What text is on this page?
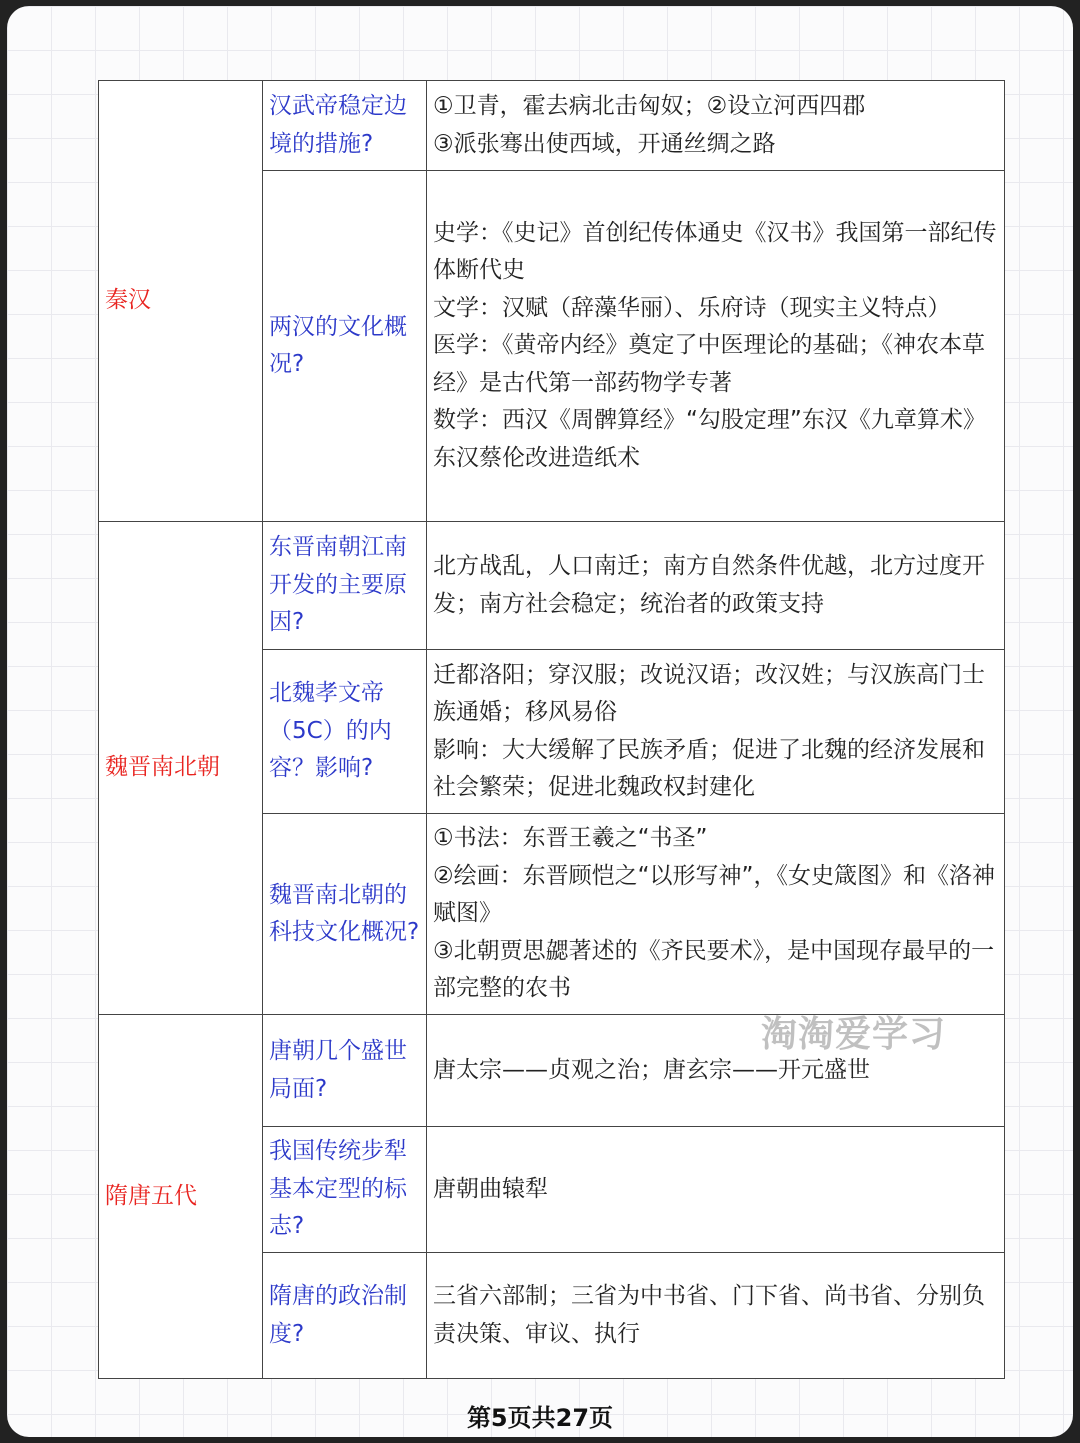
秦汉	汉武帝稳定边境的措施?	①卫青，霍去病北击匈奴；②设立河西四郡
③派张骞出使西域，开通丝绸之路

	两汉的文化概况?	史学：《史记》首创纪传体通史《汉书》我国第一部纪传体断代史
文学：汉赋（辞藻华丽）、乐府诗（现实主义特点）
医学：《黄帝内经》奠定了中医理论的基础；《神农本草经》是古代第一部药物学专著
数学：西汉《周髀算经》“勾股定理”东汉《九章算术》
东汉蔡伦改进造纸术

魏晋南北朝	东晋南朝江南开发的主要原因?	北方战乱，人口南迁；南方自然条件优越，北方过度开发；南方社会稳定；统治者的政策支持

	北魏孝文帝（5C）的内容？影响?	迁都洛阳；穿汉服；改说汉语；改汉姓；与汉族高门士族通婚；移风易俗
影响：大大缓解了民族矛盾；促进了北魏的经济发展和社会繁荣；促进北魏政权封建化

	魏晋南北朝的科技文化概况?	①书法：东晋王羲之“书圣”
②绘画：东晋顾恺之“以形写神”，《女史箴图》和《洛神赋图》
③北朝贾思勰著述的《齐民要术》，是中国现存最早的一部完整的农书

隋唐五代	唐朝几个盛世局面?	唐太宗——贞观之治；唐玄宗——开元盛世

	我国传统步犁基本定型的标志?	唐朝曲辕犁

	隋唐的政治制度?	三省六部制；三省为中书省、门下省、尚书省、分别负责决策、审议、执行
淘淘爱学习
第5页共27页
